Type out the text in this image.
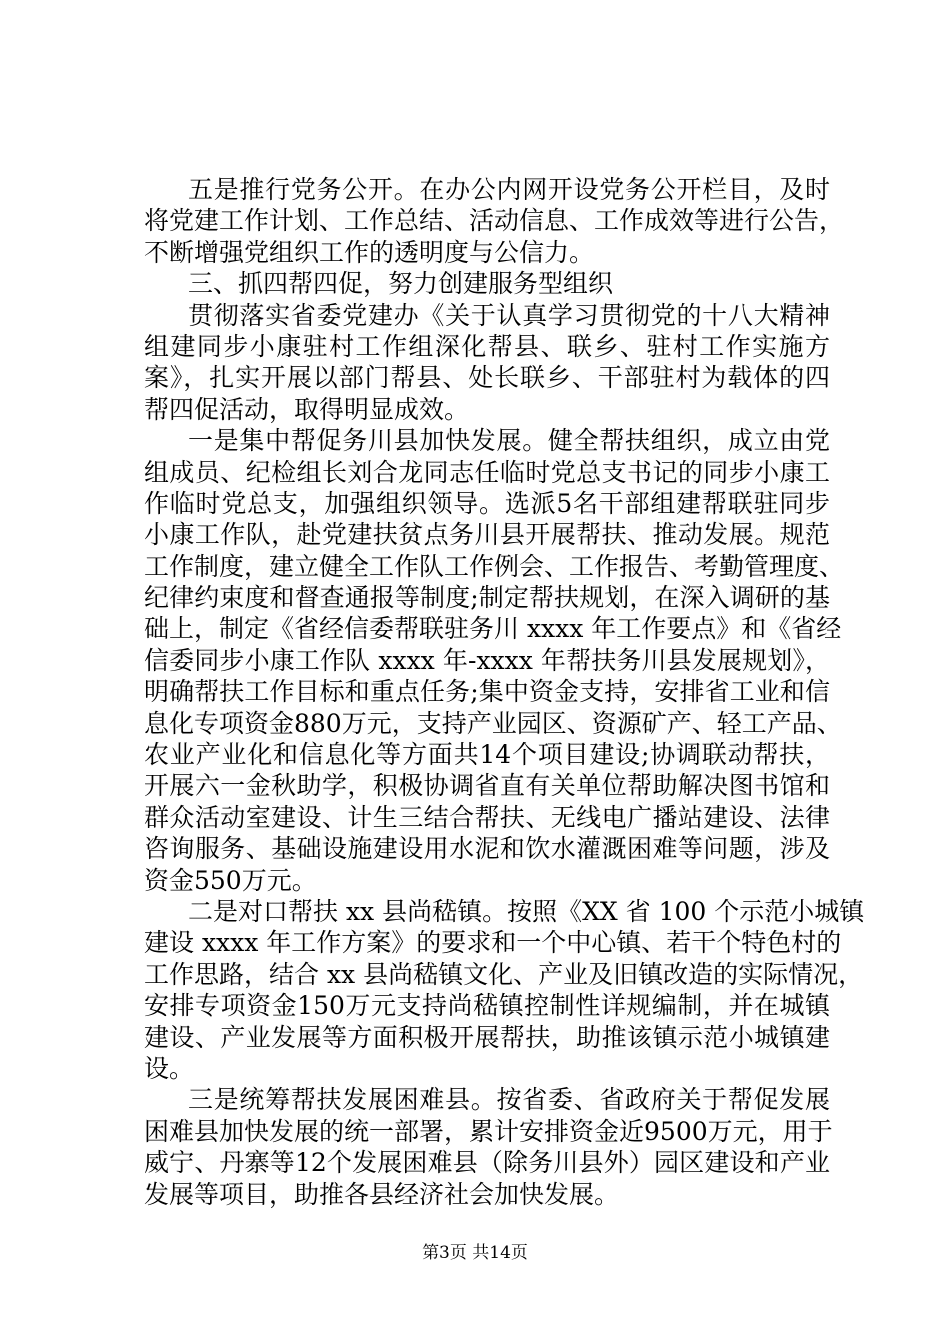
五是推行党务公开。在办公内网开设党务公开栏目，及时
将党建工作计划、工作总结、活动信息、工作成效等进行公告，
不断增强党组织工作的透明度与公信力。
三、抓四帮四促，努力创建服务型组织
贯彻落实省委党建办《关于认真学习贯彻党的十八大精神
组建同步小康驻村工作组深化帮县、联乡、驻村工作实施方
案》，扎实开展以部门帮县、处长联乡、干部驻村为载体的四
帮四促活动，取得明显成效。
一是集中帮促务川县加快发展。健全帮扶组织，成立由党
组成员、纪检组长刘合龙同志任临时党总支书记的同步小康工
作临时党总支，加强组织领导。选派5名干部组建帮联驻同步
小康工作队，赴党建扶贫点务川县开展帮扶、推动发展。规范
工作制度，建立健全工作队工作例会、工作报告、考勤管理度、
纪律约束度和督查通报等制度;制定帮扶规划，在深入调研的基
础上，制定《省经信委帮联驻务川 xxxx 年工作要点》和《省经
信委同步小康工作队 xxxx 年-xxxx 年帮扶务川县发展规划》，
明确帮扶工作目标和重点任务;集中资金支持，安排省工业和信
息化专项资金880万元，支持产业园区、资源矿产、轻工产品、
农业产业化和信息化等方面共14个项目建设;协调联动帮扶，
开展六一金秋助学，积极协调省直有关单位帮助解决图书馆和
群众活动室建设、计生三结合帮扶、无线电广播站建设、法律
咨询服务、基础设施建设用水泥和饮水灌溉困难等问题，涉及
资金550万元。
二是对口帮扶 xx 县尚嵇镇。按照《XX 省 100 个示范小城镇
建设 xxxx 年工作方案》的要求和一个中心镇、若干个特色村的
工作思路，结合 xx 县尚嵇镇文化、产业及旧镇改造的实际情况，
安排专项资金150万元支持尚嵇镇控制性详规编制，并在城镇
建设、产业发展等方面积极开展帮扶，助推该镇示范小城镇建
设。
三是统筹帮扶发展困难县。按省委、省政府关于帮促发展
困难县加快发展的统一部署，累计安排资金近9500万元，用于
威宁、丹寨等12个发展困难县（除务川县外）园区建设和产业
发展等项目，助推各县经济社会加快发展。
第3页 共14页
